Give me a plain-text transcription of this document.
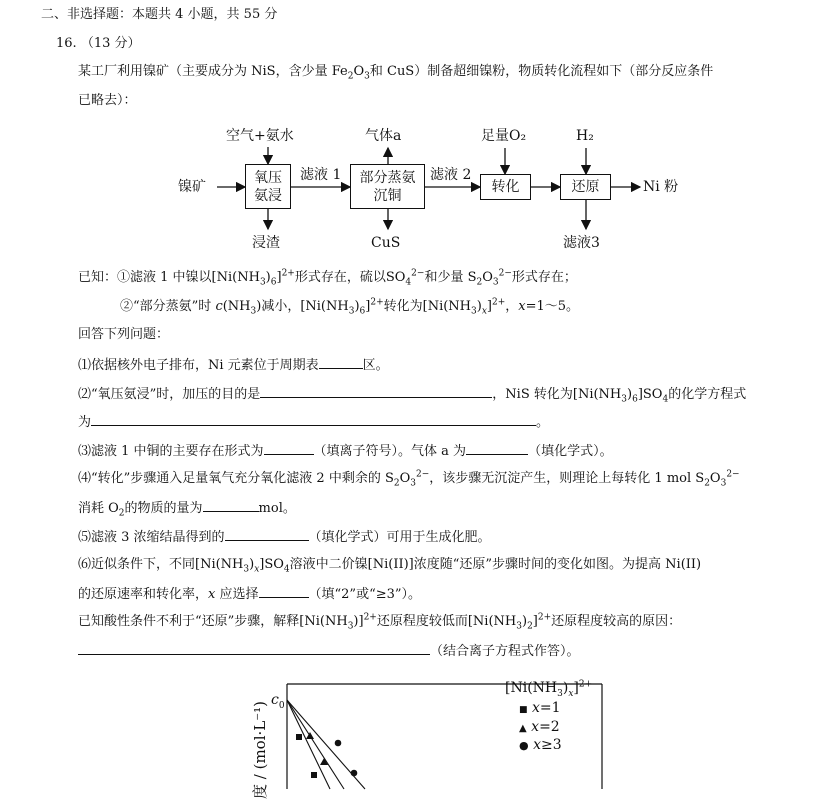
二、非选择题：本题共 4 小题，共 55 分
16. （13 分）
某工厂利用镍矿（主要成分为 NiS，含少量 $Fe_2O_3$和 CuS）制备超细镍粉，物质转化流程如下（部分反应条件
已略去）：
镍矿
氧压
氨浸
部分蒸氨
沉铜
转化	还原	Ni 粉
空气+氨水	气体a	足量O₂	H₂
滤液 1	滤液 2
浸渣	CuS	滤液3
已知：①滤液 1 中镍以$[Ni(NH_3)_6]^{2+}$形式存在，硫以$SO_4^{2-}$和少量 $S_2O_3^{2-}$形式存在；
②“部分蒸氨”时 $c(NH_3)$减小，$[Ni(NH_3)_6]^{2+}$转化为$[Ni(NH_3)_x]^{2+}$，x=1～5。
回答下列问题：
⑴依据核外电子排布，Ni 元素位于周期表	区。
⑵“氧压氨浸”时，加压的目的是	，NiS 转化为$[Ni(NH_3)_6]SO_4$的化学方程式
为	。
⑶滤液 1 中铜的主要存在形式为	（填离子符号）。气体 a 为	（填化学式）。
⑷“转化”步骤通入足量氧气充分氧化滤液 2 中剩余的 $S_2O_3^{2-}$，该步骤无沉淀产生，则理论上每转化 1 mol $S_2O_3^{2-}$
消耗 $O_2$的物质的量为	mol。
⑸滤液 3 浓缩结晶得到的	（填化学式）可用于生成化肥。
⑹近似条件下，不同$[Ni(NH_3)_x]SO_4$溶液中二价镍[Ni(II)]浓度随“还原”步骤时间的变化如图。为提高 Ni(II)
的还原速率和转化率，x 应选择	（填“2”或“≥3”）。
已知酸性条件不利于“还原”步骤，解释$[Ni(NH_3)]^{2+}$还原程度较低而$[Ni(NH_3)_2]^{2+}$还原程度较高的原因：
（结合离子方程式作答）。
度 / (mol·L⁻¹)
$c_0$
$[Ni(NH_3)_x]^{2+}$
■ x=1
▲ x=2
● x≥3
